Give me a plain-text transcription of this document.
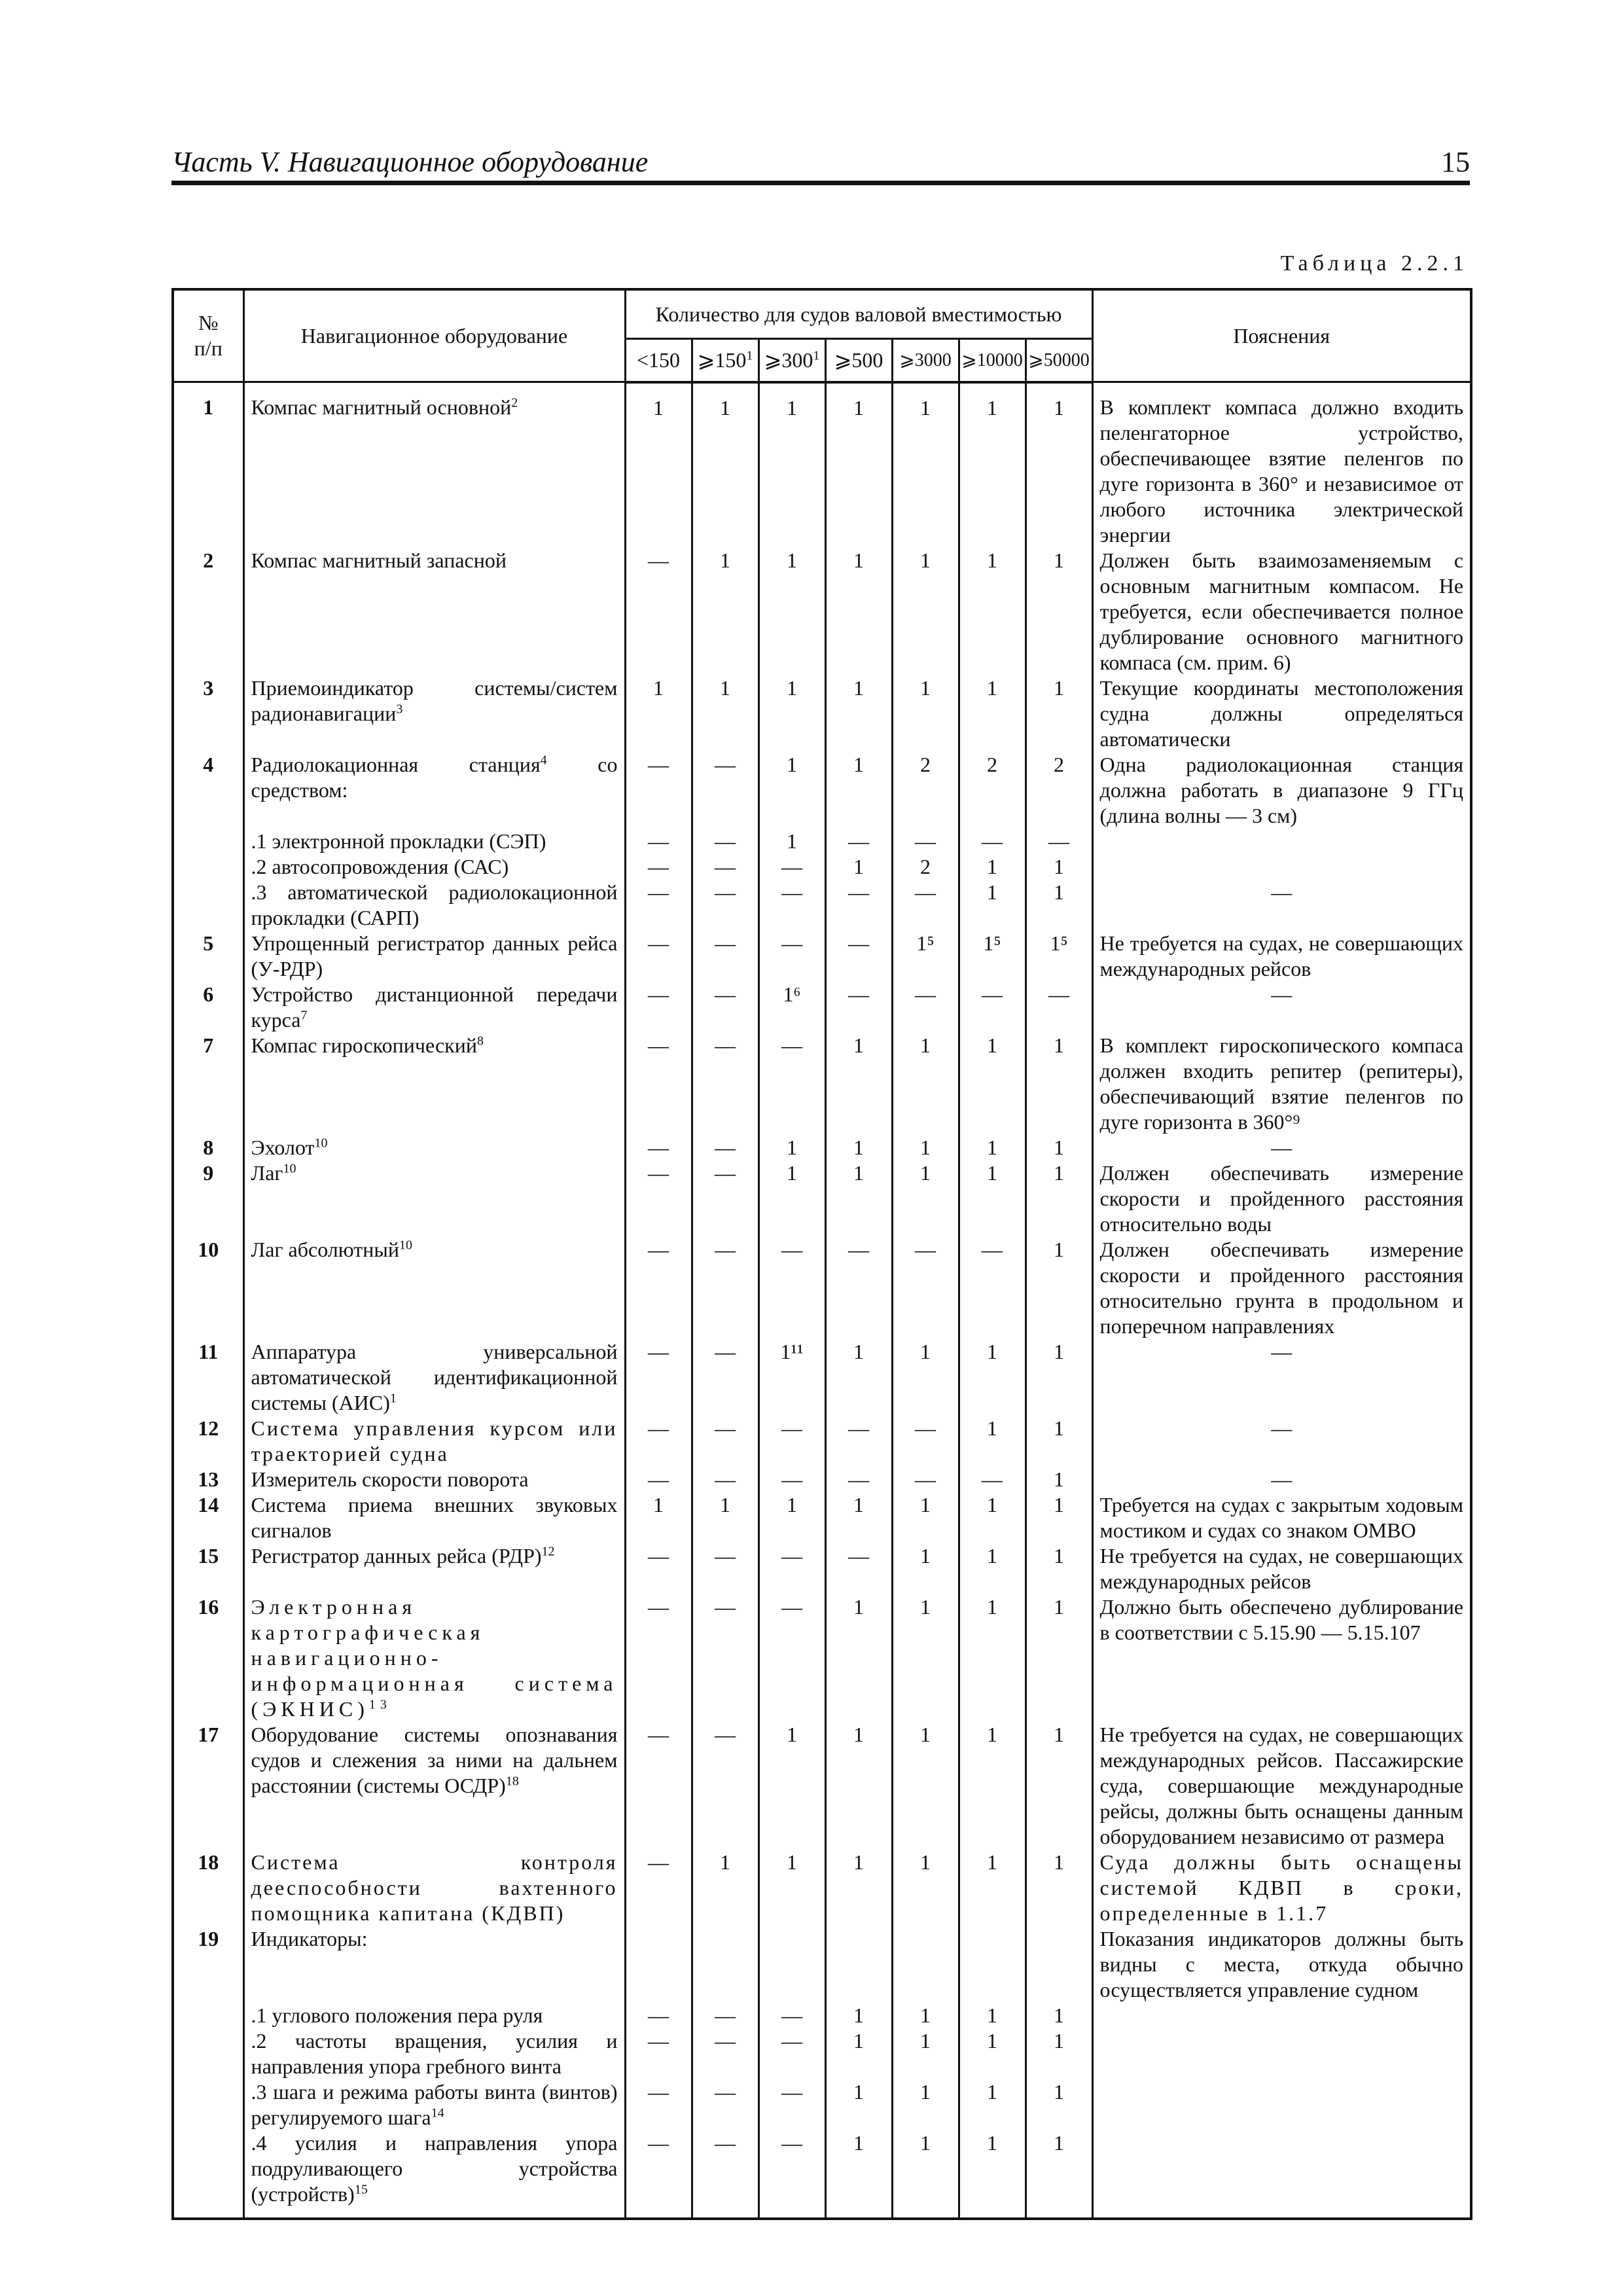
Часть V. Навигационное оборудование	15
Таблица 2.2.1
№
п/п	Навигационное оборудование	Количество для судов валовой вместимостью							Пояснения
		<150	$⩾150^1$	$⩾300^1$	⩾500	⩾3000	⩾10000	⩾50000	
1	Компас магнитный основной$^2$	1	1	1	1	1	1	1	В комплект компаса должно входить пеленгаторное устройство, обеспечивающее взятие пеленгов по дуге горизонта в 360° и независимое от любого источника электрической энергии
2	Компас магнитный запасной	—	1	1	1	1	1	1	Должен быть взаимозаменяемым с основным магнитным компасом. Не требуется, если обеспечивается полное дублирование основного магнитного компаса (см. прим. 6)
3	Приемоиндикатор системы/систем радионавигации$^3$	1	1	1	1	1	1	1	Текущие координаты местоположения судна должны определяться автоматически
4	Радиолокационная станция$^4$ со средством:	—	—	1	1	2	2	2	Одна радиолокационная станция должна работать в диапазоне 9 ГГц (длина волны — 3 см)
	.1 электронной прокладки (СЭП)	—	—	1	—	—	—	—	
	.2 автосопровождения (САС)	—	—	—	1	2	1	1	
	.3 автоматической радиолокационной прокладки (САРП)	—	—	—	—	—	1	1	—
5	Упрощенный регистратор данных рейса (У-РДР)	—	—	—	—	1⁵	1⁵	1⁵	Не требуется на судах, не совершающих международных рейсов
6	Устройство дистанционной передачи курса$^7$	—	—	1⁶	—	—	—	—	—
7	Компас гироскопический$^8$	—	—	—	1	1	1	1	В комплект гироскопического компаса должен входить репитер (репитеры), обеспечивающий взятие пеленгов по дуге горизонта в 360°⁹
8	Эхолот$^{10}$	—	—	1	1	1	1	1	—
9	Лаг$^{10}$	—	—	1	1	1	1	1	Должен обеспечивать измерение скорости и пройденного расстояния относительно воды
10	Лаг абсолютный$^{10}$	—	—	—	—	—	—	1	Должен обеспечивать измерение скорости и пройденного расстояния относительно грунта в продольном и поперечном направлениях
11	Аппаратура универсальной автоматической идентификационной системы (АИС)$^1$	—	—	1¹¹	1	1	1	1	—
12	Система управления курсом или траекторией судна	—	—	—	—	—	1	1	—
13	Измеритель скорости поворота	—	—	—	—	—	—	1	—
14	Система приема внешних звуковых сигналов	1	1	1	1	1	1	1	Требуется на судах с закрытым ходовым мостиком и судах со знаком ОМВО
15	Регистратор данных рейса (РДР)$^{12}$	—	—	—	—	1	1	1	Не требуется на судах, не совершающих международных рейсов
16	Электронная картографическая навигационно-информационная система (ЭКНИС)$^{13}$	—	—	—	1	1	1	1	Должно быть обеспечено дублирование в соответствии с 5.15.90 — 5.15.107
17	Оборудование системы опознавания судов и слежения за ними на дальнем расстоянии (системы ОСДР)$^{18}$	—	—	1	1	1	1	1	Не требуется на судах, не совершающих международных рейсов. Пассажирские суда, совершающие международные рейсы, должны быть оснащены данным оборудованием независимо от размера
18	Система контроля дееспособности вахтенного помощника капитана (КДВП)	—	1	1	1	1	1	1	Суда должны быть оснащены системой КДВП в сроки, определенные в 1.1.7
19	Индикаторы:								Показания индикаторов должны быть видны с места, откуда обычно осуществляется управление судном
	.1 углового положения пера руля	—	—	—	1	1	1	1	
	.2 частоты вращения, усилия и направления упора гребного винта	—	—	—	1	1	1	1	
	.3 шага и режима работы винта (винтов) регулируемого шага$^{14}$	—	—	—	1	1	1	1	
	.4 усилия и направления упора подруливающего устройства (устройств)$^{15}$	—	—	—	1	1	1	1	
